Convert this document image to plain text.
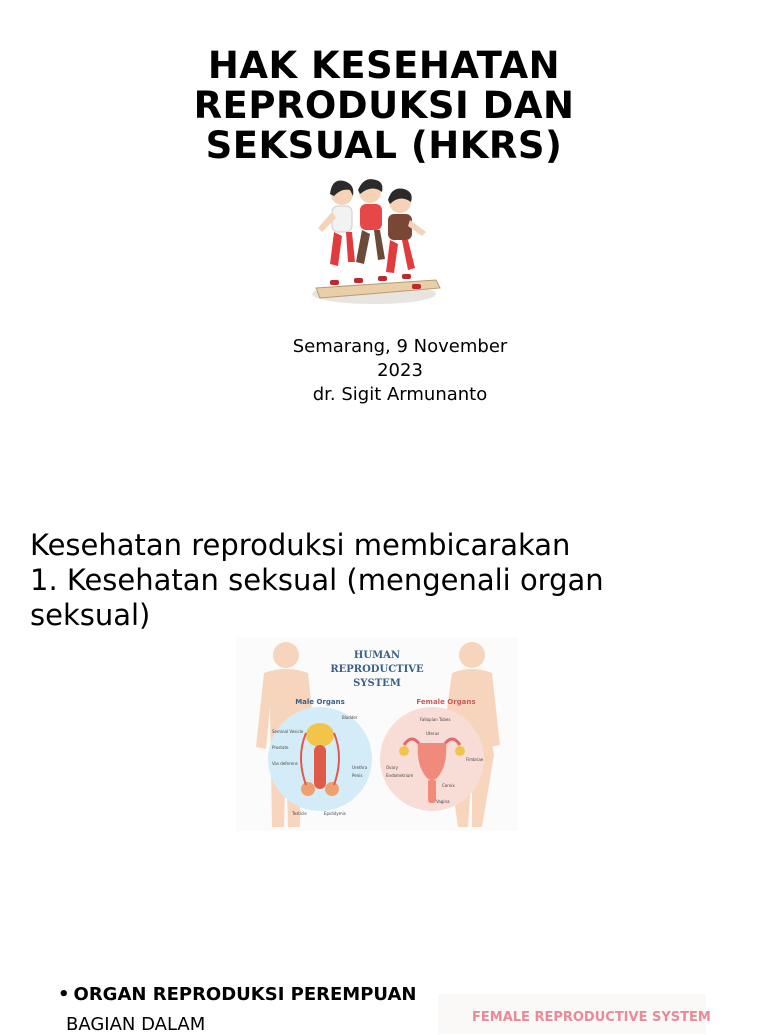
HAK KESEHATAN
REPRODUKSI DAN
SEKSUAL (HKRS)
Semarang, 9 November
2023
dr. Sigit Armunanto
Kesehatan reproduksi membicarakan
1. Kesehatan seksual (mengenali organ
seksual)
HUMAN
REPRODUCTIVE
SYSTEM
Male Organs	Female Organs
Bladder
Seminal Vesicle
Prostate
Vas deferens
Urethra
Penis
Testicle	Epididymis
Fallopian Tubes
Uterus
Ovary
Fimbriae
Endometrium
Cervix
Vagina
• ORGAN REPRODUKSI PEREMPUAN
BAGIAN DALAM	FEMALE REPRODUCTIVE SYSTEM
